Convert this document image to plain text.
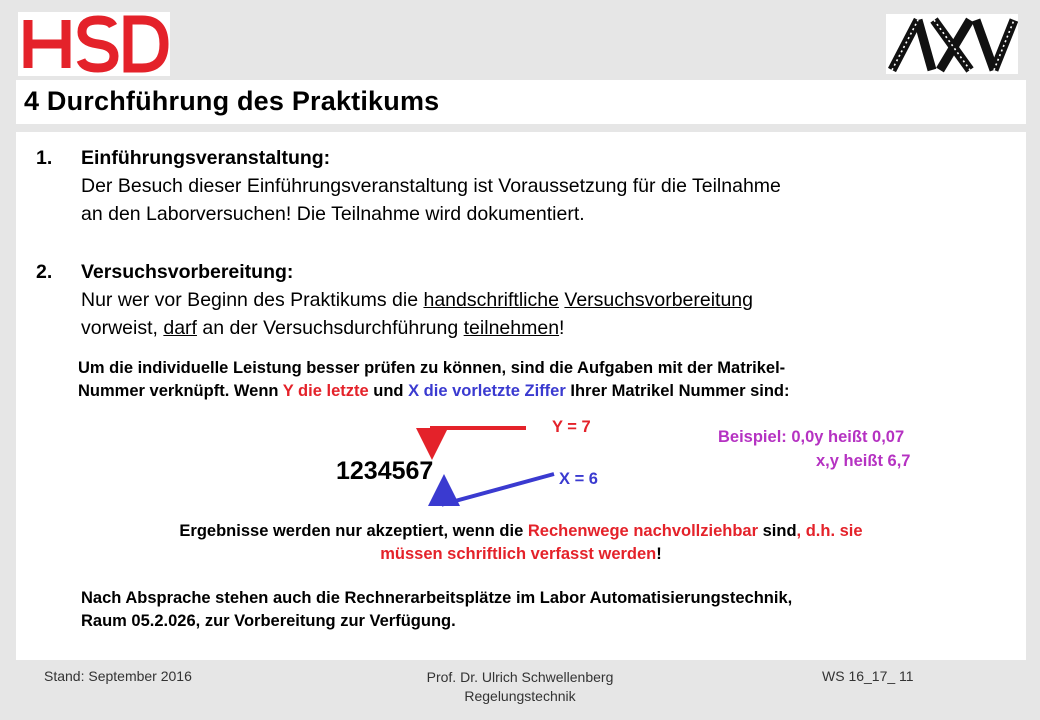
4 Durchführung des Praktikums
1. Einführungsveranstaltung:
Der Besuch dieser Einführungsveranstaltung ist Voraussetzung für die Teilnahme
an den Laborversuchen! Die Teilnahme wird dokumentiert.
2. Versuchsvorbereitung:
Nur wer vor Beginn des Praktikums die handschriftliche Versuchsvorbereitung
vorweist, darf an der Versuchsdurchführung teilnehmen!
Um die individuelle Leistung besser prüfen zu können, sind die Aufgaben mit der Matrikel-
Nummer verknüpft. Wenn Y die letzte und X die vorletzte Ziffer Ihrer Matrikel Nummer sind:
Y = 7
X = 6
1234567
Beispiel: 0,0y heißt 0,07
x,y heißt 6,7
Ergebnisse werden nur akzeptiert, wenn die Rechenwege nachvollziehbar sind, d.h. sie
müssen schriftlich verfasst werden!
Nach Absprache stehen auch die Rechnerarbeitsplätze im Labor Automatisierungstechnik,
Raum 05.2.026, zur Vorbereitung zur Verfügung.
Stand: September 2016	Prof. Dr. Ulrich Schwellenberg
Regelungstechnik
WS 16_17_ 11
